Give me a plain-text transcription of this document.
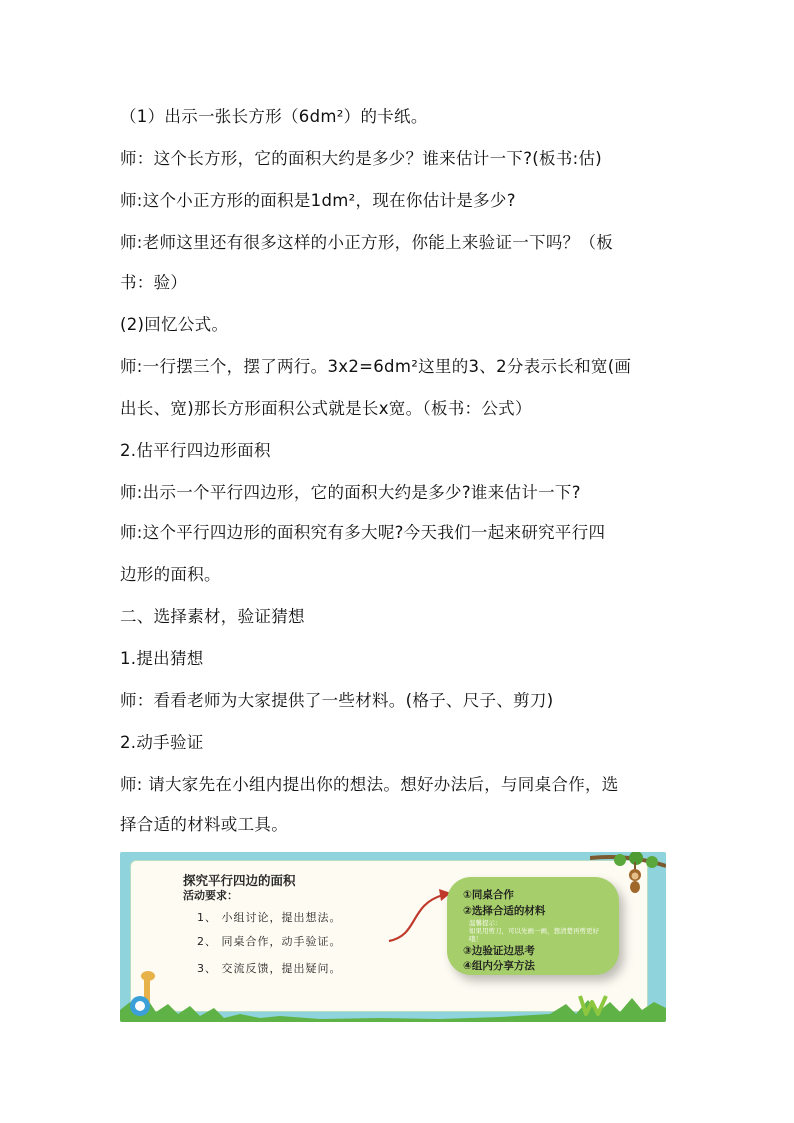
（1）出示一张长方形（6dm²）的卡纸。
师：这个长方形，它的面积大约是多少？谁来估计一下?(板书:估)
师:这个小正方形的面积是1dm²，现在你估计是多少?
师:老师这里还有很多这样的小正方形，你能上来验证一下吗？（板
书：验）
(2)回忆公式。
师:一行摆三个，摆了两行。3x2=6dm²这里的3、2分表示长和宽(画
出长、宽)那长方形面积公式就是长x宽。（板书：公式）
2.估平行四边形面积
师:出示一个平行四边形，它的面积大约是多少?谁来估计一下?
师:这个平行四边形的面积究有多大呢?今天我们一起来研究平行四
边形的面积。
二、选择素材，验证猜想
1.提出猜想
师：看看老师为大家提供了一些材料。(格子、尺子、剪刀)
2.动手验证
师: 请大家先在小组内提出你的想法。想好办法后，与同桌合作，选
择合适的材料或工具。
探究平行四边的面积
活动要求：
1、 小组讨论，提出想法。
2、 同桌合作，动手验证。
3、 交流反馈，提出疑问。
①同桌合作
②选择合适的材料
温馨提示：
如果用剪刀，可以先画一画，想清楚再剪更好哦！
③边验证边思考
④组内分享方法
